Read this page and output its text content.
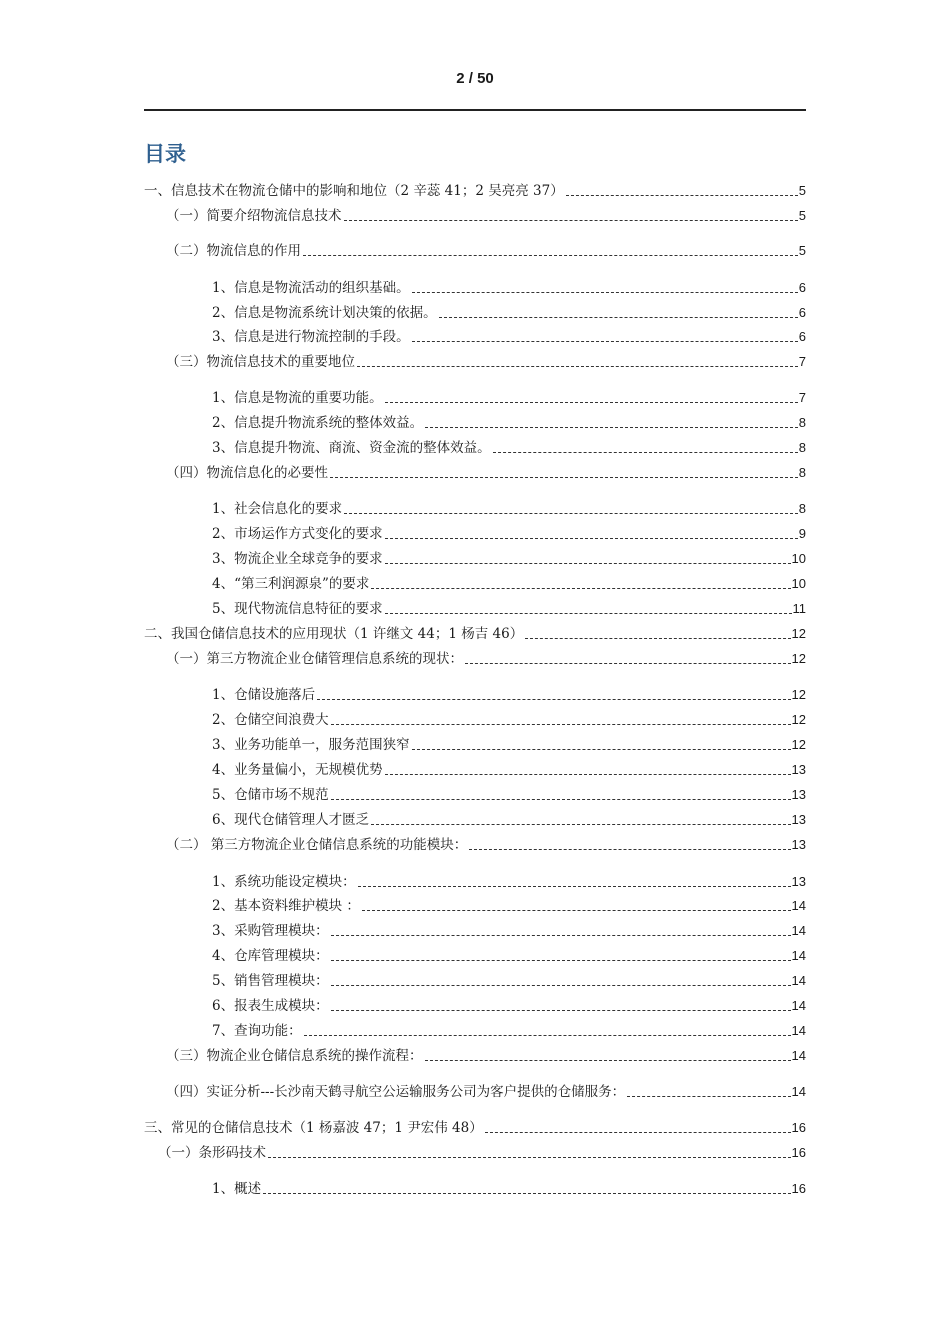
2 / 50
目录
一、信息技术在物流仓储中的影响和地位（2 辛蕊 41；2 吴亮亮 37）	5
（一）简要介绍物流信息技术	5
（二）物流信息的作用	5
1、信息是物流活动的组织基础。	6
2、信息是物流系统计划决策的依据。	6
3、信息是进行物流控制的手段。	6
（三）物流信息技术的重要地位	7
1、信息是物流的重要功能。	7
2、信息提升物流系统的整体效益。	8
3、信息提升物流、商流、资金流的整体效益。	8
（四）物流信息化的必要性	8
1、社会信息化的要求	8
2、市场运作方式变化的要求	9
3、物流企业全球竞争的要求	10
4、“第三利润源泉”的要求	10
5、现代物流信息特征的要求	11
二、我国仓储信息技术的应用现状（1 许继文 44；1 杨吉 46）	12
（一）第三方物流企业仓储管理信息系统的现状：	12
1、仓储设施落后	12
2、仓储空间浪费大	12
3、业务功能单一，服务范围狭窄	12
4、业务量偏小，无规模优势	13
5、仓储市场不规范	13
6、现代仓储管理人才匮乏	13
（二） 第三方物流企业仓储信息系统的功能模块：	13
1、系统功能设定模块：	13
2、基本资料维护模块 ：	14
3、采购管理模块：	14
4、仓库管理模块：	14
5、销售管理模块：	14
6、报表生成模块：	14
7、查询功能：	14
（三）物流企业仓储信息系统的操作流程：	14
（四）实证分析---长沙南天鹤寻航空公运输服务公司为客户提供的仓储服务：	14
三、常见的仓储信息技术（1 杨嘉波 47；1 尹宏伟 48）	16
（一）条形码技术	16
1、概述	16
